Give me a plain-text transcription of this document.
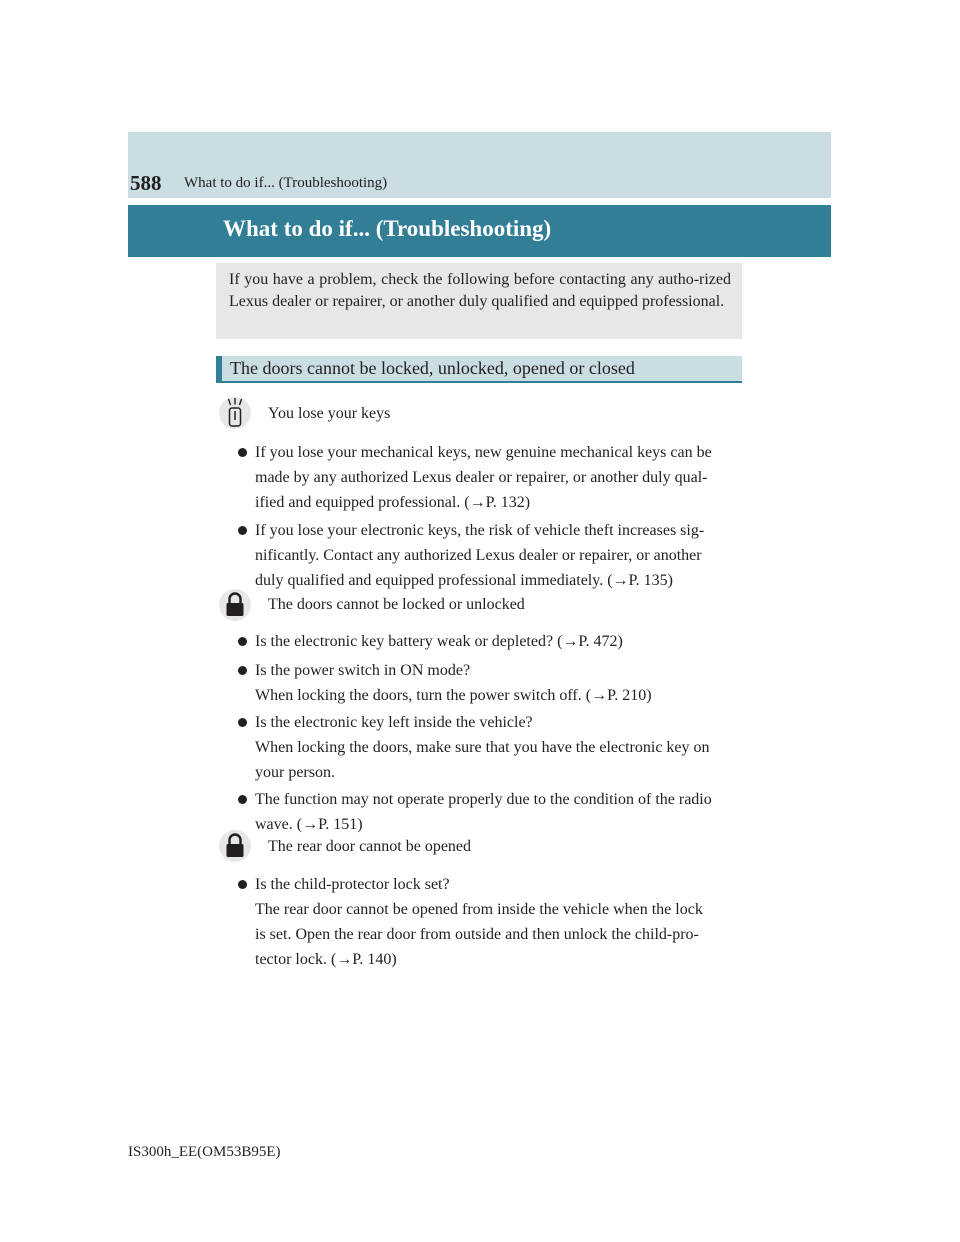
588 What to do if... (Troubleshooting)
What to do if... (Troubleshooting)
If you have a problem, check the following before contacting any autho-rized Lexus dealer or repairer, or another duly qualified and equipped professional.
The doors cannot be locked, unlocked, opened or closed
You lose your keys
If you lose your mechanical keys, new genuine mechanical keys can be
made by any authorized Lexus dealer or repairer, or another duly qual-
ified and equipped professional. (→P. 132)
If you lose your electronic keys, the risk of vehicle theft increases sig-
nificantly. Contact any authorized Lexus dealer or repairer, or another
duly qualified and equipped professional immediately. (→P. 135)
The doors cannot be locked or unlocked
Is the electronic key battery weak or depleted? (→P. 472)
Is the power switch in ON mode?
When locking the doors, turn the power switch off. (→P. 210)
Is the electronic key left inside the vehicle?
When locking the doors, make sure that you have the electronic key on
your person.
The function may not operate properly due to the condition of the radio
wave. (→P. 151)
The rear door cannot be opened
Is the child-protector lock set?
The rear door cannot be opened from inside the vehicle when the lock
is set. Open the rear door from outside and then unlock the child-pro-
tector lock. (→P. 140)
IS300h_EE(OM53B95E)
